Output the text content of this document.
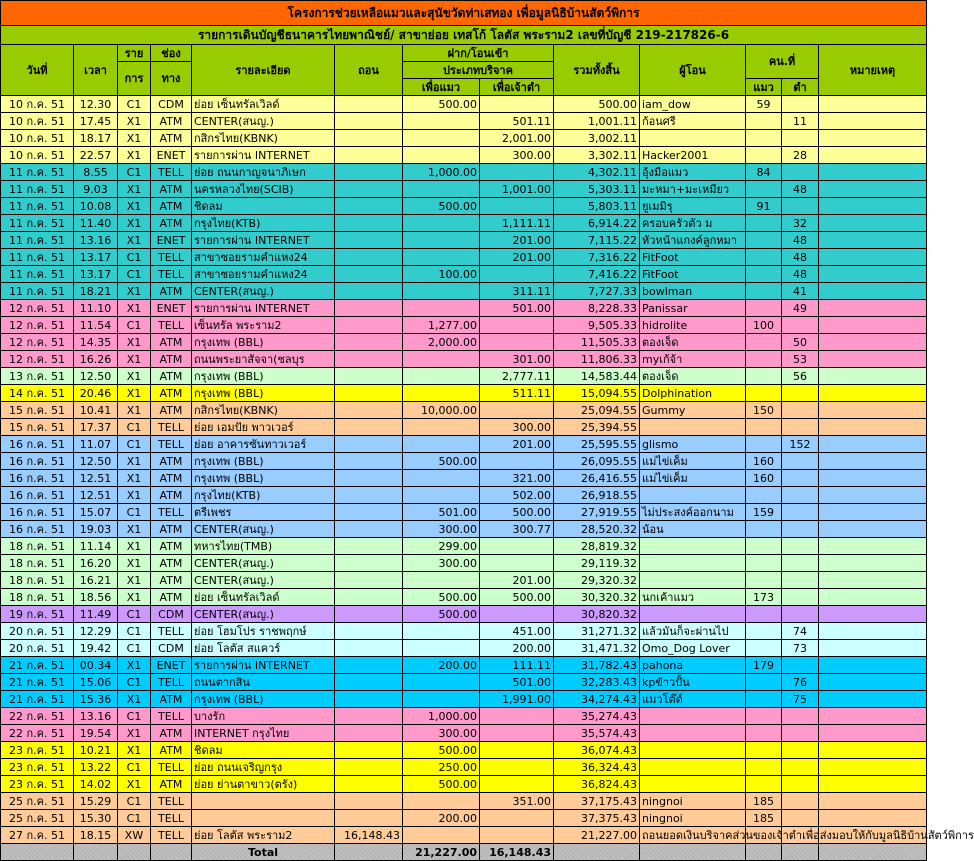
โครงการช่วยเหลือแมวและสุนัขวัดท่าเสทอง เพื่อมูลนิธิบ้านสัตว์พิการ												
รายการเดินบัญชีธนาคารไทยพาณิชย์/ สาขาย่อย เทสโก้ โลตัส พระราม2 เลขที่บัญชี 219-217826-6												
วันที่	เวลา	ราย	ช่อง	รายละเอียด	ถอน	ฝาก/โอนเข้า		รวมทั้งสิ้น	ผู้โอน	คน.ที่		หมายเหตุ
		การ	ทาง			ประเภทบริจาค						
						เพื่อแมว	เพื่อเจ้าตำ			แมว	ตำ	
10 ก.ค. 51	12.30	C1	CDM	ย่อย เซ็นทรัลเวิลด์		500.00		500.00	iam_dow	59		
10 ก.ค. 51	17.45	X1	ATM	CENTER(สนญ.)			501.11	1,001.11	ก้อนศรี		11	
10 ก.ค. 51	18.17	X1	ATM	กสิกรไทย(KBNK)			2,001.00	3,002.11				
10 ก.ค. 51	22.57	X1	ENET	รายการผ่าน INTERNET			300.00	3,302.11	Hacker2001		28	
11 ก.ค. 51	8.55	C1	TELL	ย่อย ถนนกาญจนาภิเษก		1,000.00		4,302.11	อุ้งมือแมว	84		
11 ก.ค. 51	9.03	X1	ATM	นครหลวงไทย(SCIB)			1,001.00	5,303.11	มะหมา+มะเหมียว		48	
11 ก.ค. 51	10.08	X1	ATM	ชิดลม		500.00		5,803.11	ยูเมมิรุ	91		
11 ก.ค. 51	11.40	X1	ATM	กรุงไทย(KTB)			1,111.11	6,914.22	ครอบครัวตัว ม		32	
11 ก.ค. 51	13.16	X1	ENET	รายการผ่าน INTERNET			201.00	7,115.22	หัวหน้าแกงค์ลูกหมา		48	
11 ก.ค. 51	13.17	C1	TELL	สาขาซอยรามคำแหง24			201.00	7,316.22	FitFoot		48	
11 ก.ค. 51	13.17	C1	TELL	สาขาซอยรามคำแหง24		100.00		7,416.22	FitFoot		48	
11 ก.ค. 51	18.21	X1	ATM	CENTER(สนญ.)			311.11	7,727.33	bowlman		41	
12 ก.ค. 51	11.10	X1	ENET	รายการผ่าน INTERNET			501.00	8,228.33	Panissar		49	
12 ก.ค. 51	11.54	C1	TELL	เซ็นทรัล พระราม2		1,277.00		9,505.33	hidrolite	100		
12 ก.ค. 51	14.35	X1	ATM	กรุงเทพ (BBL)		2,000.00		11,505.33	ตองเจ็ด		50	
12 ก.ค. 51	16.26	X1	ATM	ถนนพระยาสัจจา(ชลบุร			301.00	11,806.33	myเก้จ้า		53	
13 ก.ค. 51	12.50	X1	ATM	กรุงเทพ (BBL)			2,777.11	14,583.44	ตองเจ็ด		56	
14 ก.ค. 51	20.46	X1	ATM	กรุงเทพ (BBL)			511.11	15,094.55	Dolphination			
15 ก.ค. 51	10.41	X1	ATM	กสิกรไทย(KBNK)		10,000.00		25,094.55	Gummy	150		
15 ก.ค. 51	17.37	C1	TELL	ย่อย เอมปัย พาวเวอร์			300.00	25,394.55				
16 ก.ค. 51	11.07	C1	TELL	ย่อย อาคารซันทาวเวอร์			201.00	25,595.55	glismo		152	
16 ก.ค. 51	12.50	X1	ATM	กรุงเทพ (BBL)		500.00		26,095.55	แม่ไข่เค็ม	160		
16 ก.ค. 51	12.51	X1	ATM	กรุงเทพ (BBL)			321.00	26,416.55	แม่ไข่เค็ม	160		
16 ก.ค. 51	12.51	X1	ATM	กรุงไทย(KTB)			502.00	26,918.55				
16 ก.ค. 51	15.07	C1	TELL	ตรีเพชร		501.00	500.00	27,919.55	ไม่ประสงค์ออกนาม	159		
16 ก.ค. 51	19.03	X1	ATM	CENTER(สนญ.)		300.00	300.77	28,520.32	น้อน			
18 ก.ค. 51	11.14	X1	ATM	ทหารไทย(TMB)		299.00		28,819.32				
18 ก.ค. 51	16.20	X1	ATM	CENTER(สนญ.)		300.00		29,119.32				
18 ก.ค. 51	16.21	X1	ATM	CENTER(สนญ.)			201.00	29,320.32				
18 ก.ค. 51	18.56	X1	ATM	ย่อย เซ็นทรัลเวิลด์		500.00	500.00	30,320.32	นกเค้าแมว	173		
19 ก.ค. 51	11.49	C1	CDM	CENTER(สนญ.)		500.00		30,820.32				
20 ก.ค. 51	12.29	C1	TELL	ย่อย โฮมโปร ราชพฤกษ์			451.00	31,271.32	แล้วมันก็จะผ่านไป		74	
20 ก.ค. 51	19.42	C1	CDM	ย่อย โลตัส สแควร์			200.00	31,471.32	Omo_Dog Lover		73	
21 ก.ค. 51	00.34	X1	ENET	รายการผ่าน INTERNET		200.00	111.11	31,782.43	pahona	179		
21 ก.ค. 51	15.06	C1	TELL	ถนนตากสิน			501.00	32,283.43	kpข้าวปั้น		76	
21 ก.ค. 51	15.36	X1	ATM	กรุงเทพ (BBL)			1,991.00	34,274.43	แมวโต๊ต์		75	
22 ก.ค. 51	13.16	C1	TELL	บางรัก		1,000.00		35,274.43				
22 ก.ค. 51	19.54	X1	ATM	INTERNET กรุงไทย		300.00		35,574.43				
23 ก.ค. 51	10.21	X1	ATM	ชิดลม		500.00		36,074.43				
23 ก.ค. 51	13.22	C1	TELL	ย่อย ถนนเจริญกรุง		250.00		36,324.43				
23 ก.ค. 51	14.02	X1	ATM	ย่อย ย่านตาขาว(ตรัง)		500.00		36,824.43				
25 ก.ค. 51	15.29	C1	TELL				351.00	37,175.43	ningnoi	185		
25 ก.ค. 51	15.30	C1	TELL			200.00		37,375.43	ningnoi	185		
27 ก.ค. 51	18.15	XW	TELL	ย่อย โลตัส พระราม2	16,148.43			21,227.00	ถอนยอดเงินบริจาคส่วนของเจ้าตำเพื่อส่งมอบให้กับมูลนิธิบ้านสัตว์พิการ			
				Total		21,227.00	16,148.43					
